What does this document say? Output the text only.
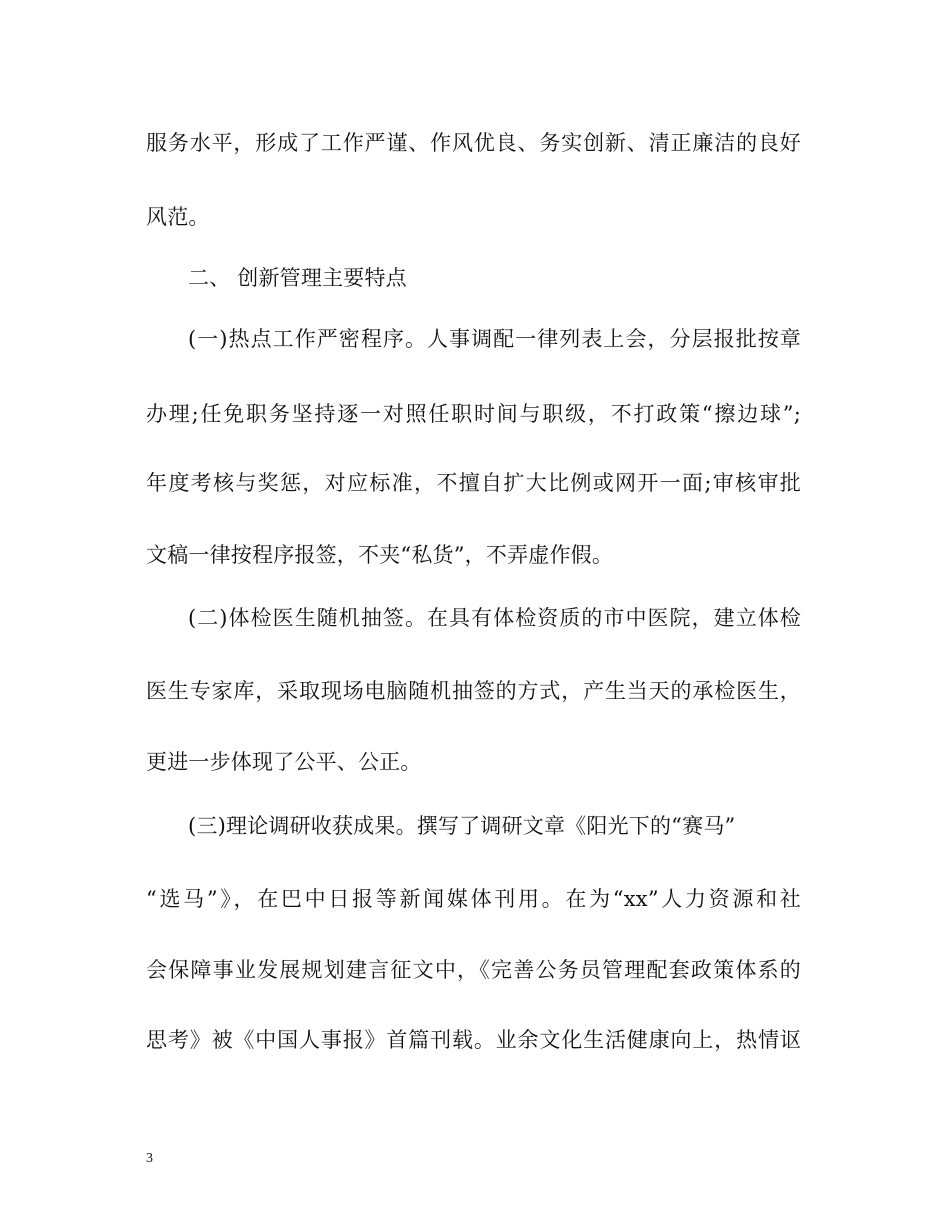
服务水平，形成了工作严谨、作风优良、务实创新、清正廉洁的良好
风范。
二、 创新管理主要特点
(一)热点工作严密程序。人事调配一律列表上会，分层报批按章
办理;任免职务坚持逐一对照任职时间与职级，不打政策“擦边球”;
年度考核与奖惩，对应标准，不擅自扩大比例或网开一面;审核审批
文稿一律按程序报签，不夹“私货”，不弄虚作假。
(二)体检医生随机抽签。在具有体检资质的市中医院，建立体检
医生专家库，采取现场电脑随机抽签的方式，产生当天的承检医生，
更进一步体现了公平、公正。
(三)理论调研收获成果。撰写了调研文章《阳光下的“赛马”
“选马”》，在巴中日报等新闻媒体刊用。在为“xx”人力资源和社
会保障事业发展规划建言征文中，《完善公务员管理配套政策体系的
思考》被《中国人事报》首篇刊载。业余文化生活健康向上，热情讴
3
